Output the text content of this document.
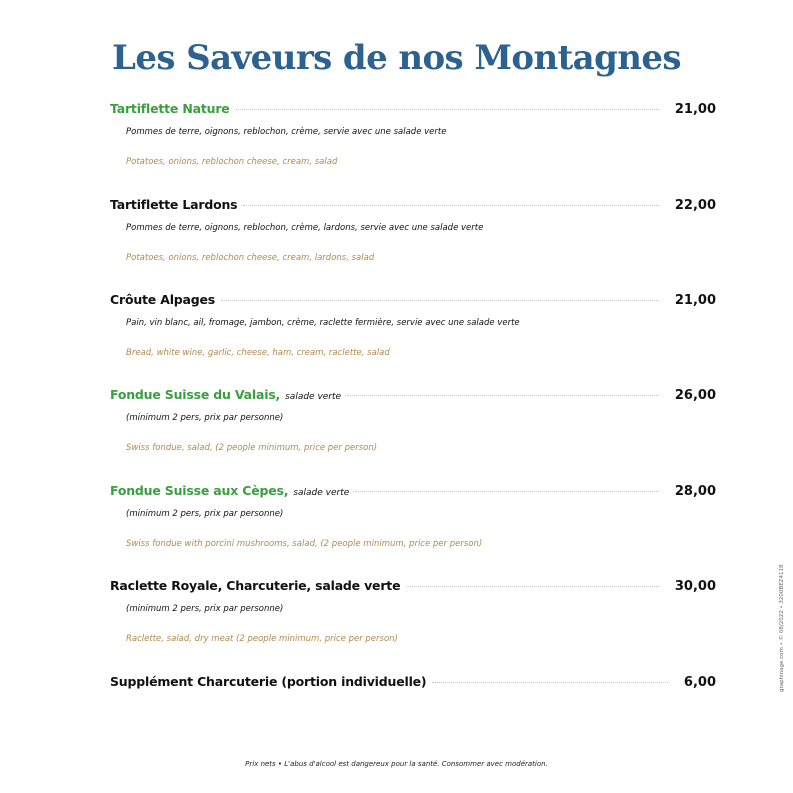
Les Saveurs de nos Montagnes
Tartiflette Nature	21,00
Pommes de terre, oignons, reblochon, crème, servie avec une salade verte
Potatoes, onions, reblochon cheese, cream, salad
Tartiflette Lardons	22,00
Pommes de terre, oignons, reblochon, crème, lardons, servie avec une salade verte
Potatoes, onions, reblochon cheese, cream, lardons, salad
Crôute Alpages	21,00
Pain, vin blanc, ail, fromage, jambon, crème, raclette fermière, servie avec une salade verte
Bread, white wine, garlic, cheese, ham, cream, raclette, salad
Fondue Suisse du Valais, salade verte	26,00
(minimum 2 pers, prix par personne)
Swiss fondue, salad, (2 people minimum, price per person)
Fondue Suisse aux Cèpes, salade verte	28,00
(minimum 2 pers, prix par personne)
Swiss fondue with porcini mushrooms, salad, (2 people minimum, price per person)
Raclette Royale, Charcuterie, salade verte	30,00
(minimum 2 pers, prix par personne)
Raclette, salad, dry meat (2 people minimum, price per person)
Supplément Charcuterie (portion individuelle)	6,00
Prix nets • L'abus d'alcool est dangereux pour la santé. Consommer avec modération.
graphinage.com • © 08/2022 • 3200BEZ4118
